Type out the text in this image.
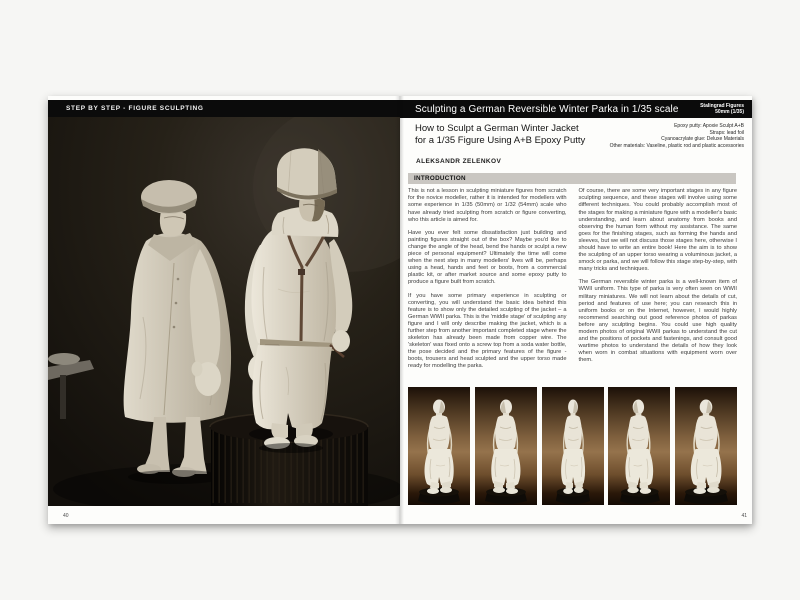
STEP BY STEP - FIGURE SCULPTING
40
Sculpting a German Reversible Winter Parka in 1/35 scale	Stalingrad Figures
50mm (1/35)
How to Sculpt a German Winter Jacket
for a 1/35 Figure Using A+B Epoxy Putty
Epoxy putty: Apoxie Sculpt A+B
Straps: lead foil
Cyanoacrylate glue: Deluxe Materials
Other materials: Vaseline, plastic rod and plastic accessories
ALEKSANDR ZELENKOV
INTRODUCTION

This is not a lesson in sculpting miniature figures from scratch for the novice modeller, rather it is intended for modellers with some experience in 1/35 (50mm) or 1/32 (54mm) scale who have already tried sculpting from scratch or figure converting, who this article is aimed for.

Have you ever felt some dissatisfaction just building and painting figures straight out of the box? Maybe you'd like to change the angle of the head, bend the hands or sculpt a new piece of personal equipment? Ultimately the time will come when the next step in many modellers' lives will be, perhaps using a head, hands and feet or boots, from a commercial plastic kit, or after market source and some epoxy putty to produce a figure built from scratch.

If you have some primary experience in sculpting or converting, you will understand the basic idea behind this feature is to show only the detailed sculpting of the jacket – a German WWII parka. This is the 'middle stage' of sculpting any figure and I will only describe making the jacket, which is a further step from another important completed stage where the skeleton has already been made from copper wire. The 'skeleton' was fixed onto a screw top from a soda water bottle, the pose decided and the primary features of the figure - boots, trousers and head sculpted and the upper torso made ready for modelling the parka.

Of course, there are some very important stages in any figure sculpting sequence, and these stages will involve using some different techniques. You could probably accomplish most of the stages for making a miniature figure with a modeller's basic understanding, and learn about anatomy from books and observing the human form without my assistance. The same goes for the finishing stages, such as forming the hands and sleeves, but we will not discuss those stages here, otherwise I should have to write an entire book! Here the aim is to show the sculpting of an upper torso wearing a voluminous jacket, a smock or parka, and we will follow this stage step-by-step, with many tricks and techniques.

The German reversible winter parka is a well-known item of WWII uniform. This type of parka is very often seen on WWII military miniatures. We will not learn about the details of cut, period and features of use here; you can research this in uniform books or on the Internet, however, I would highly recommend searching out good reference photos of parkas before any sculpting begins. You could use high quality modern photos of original WWII parkas to understand the cut and the positions of pockets and fastenings, and consult good wartime photos to understand the details of how they look when worn in combat situations with equipment worn over them.

41
